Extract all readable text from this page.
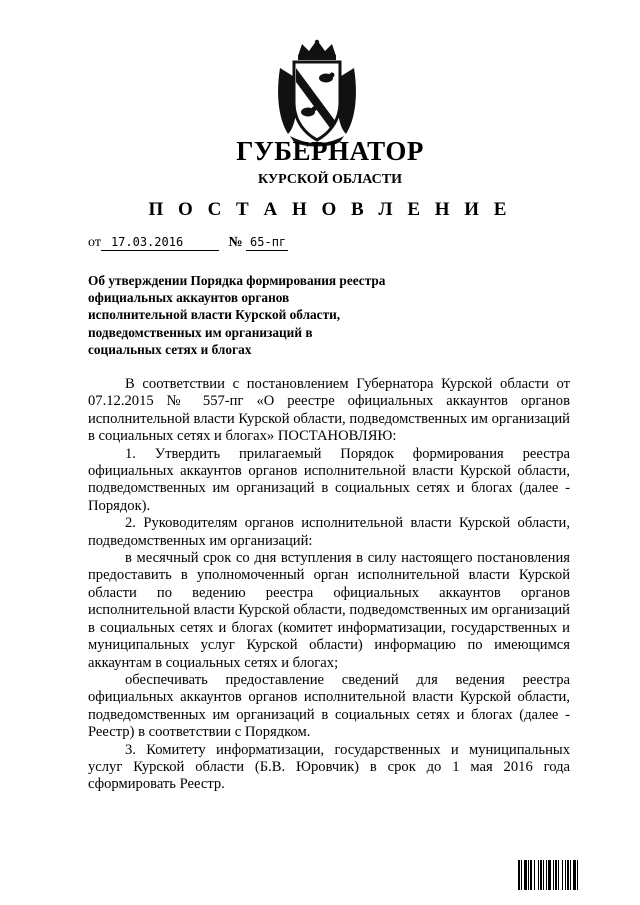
ГУБЕРНАТОР
КУРСКОЙ ОБЛАСТИ
П О С Т А Н О В Л Е Н И Е
от 17.03.2016	№ 65-пг
Об утверждении Порядка формирования реестра официальных аккаунтов органов исполнительной власти Курской области, подведомственных им организаций в социальных сетях и блогах

В соответствии с постановлением Губернатора Курской области от 07.12.2015 № 557-пг «О реестре официальных аккаунтов органов исполнительной власти Курской области, подведомственных им организаций в социальных сетях и блогах» ПОСТАНОВЛЯЮ:

1. Утвердить прилагаемый Порядок формирования реестра официальных аккаунтов органов исполнительной власти Курской области, подведомственных им организаций в социальных сетях и блогах (далее - Порядок).

2. Руководителям органов исполнительной власти Курской области, подведомственных им организаций:

в месячный срок со дня вступления в силу настоящего постановления предоставить в уполномоченный орган исполнительной власти Курской области по ведению реестра официальных аккаунтов органов исполнительной власти Курской области, подведомственных им организаций в социальных сетях и блогах (комитет информатизации, государственных и муниципальных услуг Курской области) информацию по имеющимся аккаунтам в социальных сетях и блогах;

обеспечивать предоставление сведений для ведения реестра официальных аккаунтов органов исполнительной власти Курской области, подведомственных им организаций в социальных сетях и блогах (далее - Реестр) в соответствии с Порядком.

3. Комитету информатизации, государственных и муниципальных услуг Курской области (Б.В. Юровчик) в срок до 1 мая 2016 года сформировать Реестр.
